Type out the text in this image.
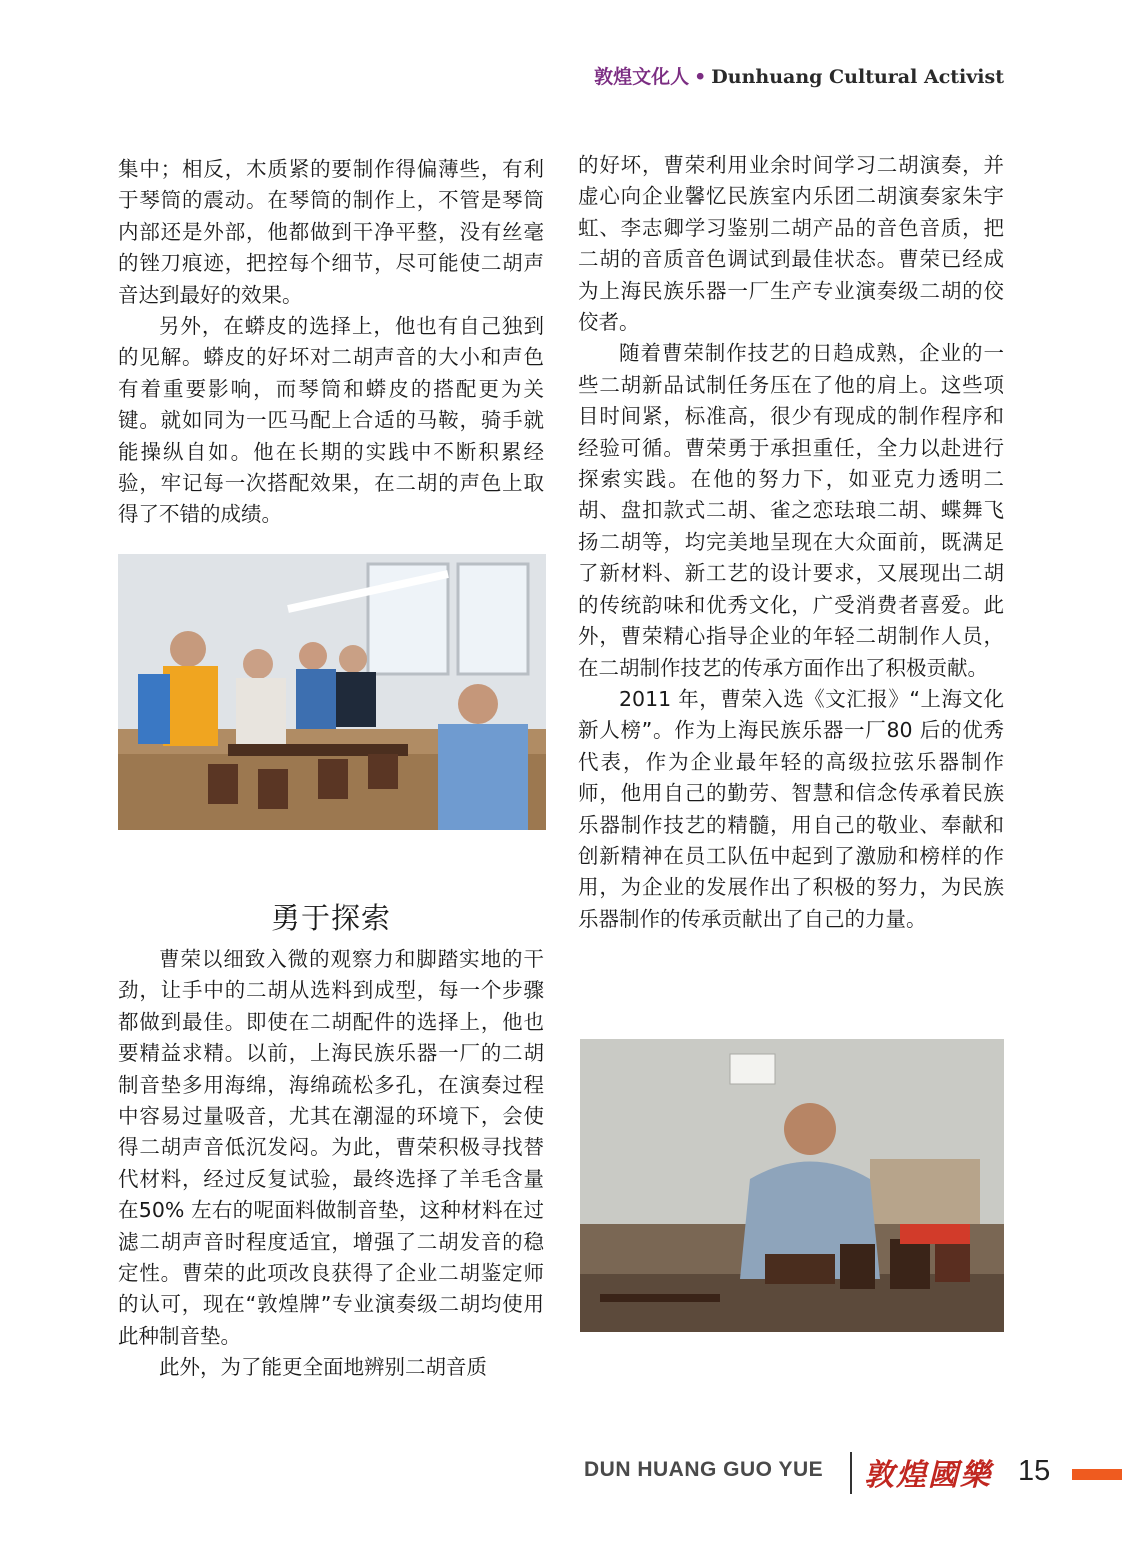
敦煌文化人 • Dunhuang Cultural Activist

集中；相反，木质紧的要制作得偏薄些，有利于琴筒的震动。在琴筒的制作上，不管是琴筒内部还是外部，他都做到干净平整，没有丝毫的锉刀痕迹，把控每个细节，尽可能使二胡声音达到最好的效果。

另外，在蟒皮的选择上，他也有自己独到的见解。蟒皮的好坏对二胡声音的大小和声色有着重要影响，而琴筒和蟒皮的搭配更为关键。就如同为一匹马配上合适的马鞍，骑手就能操纵自如。他在长期的实践中不断积累经验，牢记每一次搭配效果，在二胡的声色上取得了不错的成绩。

勇于探索

曹荣以细致入微的观察力和脚踏实地的干劲，让手中的二胡从选料到成型，每一个步骤都做到最佳。即使在二胡配件的选择上，他也要精益求精。以前，上海民族乐器一厂的二胡制音垫多用海绵，海绵疏松多孔，在演奏过程中容易过量吸音，尤其在潮湿的环境下，会使得二胡声音低沉发闷。为此，曹荣积极寻找替代材料，经过反复试验，最终选择了羊毛含量在50% 左右的呢面料做制音垫，这种材料在过滤二胡声音时程度适宜，增强了二胡发音的稳定性。曹荣的此项改良获得了企业二胡鉴定师的认可，现在“敦煌牌”专业演奏级二胡均使用此种制音垫。

此外，为了能更全面地辨别二胡音质

的好坏，曹荣利用业余时间学习二胡演奏，并虚心向企业馨忆民族室内乐团二胡演奏家朱宇虹、李志卿学习鉴别二胡产品的音色音质，把二胡的音质音色调试到最佳状态。曹荣已经成为上海民族乐器一厂生产专业演奏级二胡的佼佼者。

随着曹荣制作技艺的日趋成熟，企业的一些二胡新品试制任务压在了他的肩上。这些项目时间紧，标准高，很少有现成的制作程序和经验可循。曹荣勇于承担重任，全力以赴进行探索实践。在他的努力下，如亚克力透明二胡、盘扣款式二胡、雀之恋珐琅二胡、蝶舞飞扬二胡等，均完美地呈现在大众面前，既满足了新材料、新工艺的设计要求，又展现出二胡的传统韵味和优秀文化，广受消费者喜爱。此外，曹荣精心指导企业的年轻二胡制作人员，在二胡制作技艺的传承方面作出了积极贡献。

2011 年，曹荣入选《文汇报》“上海文化新人榜”。作为上海民族乐器一厂80 后的优秀代表，作为企业最年轻的高级拉弦乐器制作师，他用自己的勤劳、智慧和信念传承着民族乐器制作技艺的精髓，用自己的敬业、奉献和创新精神在员工队伍中起到了激励和榜样的作用，为企业的发展作出了积极的努力，为民族乐器制作的传承贡献出了自己的力量。

DUN HUANG GUO YUE 敦煌國樂 15
